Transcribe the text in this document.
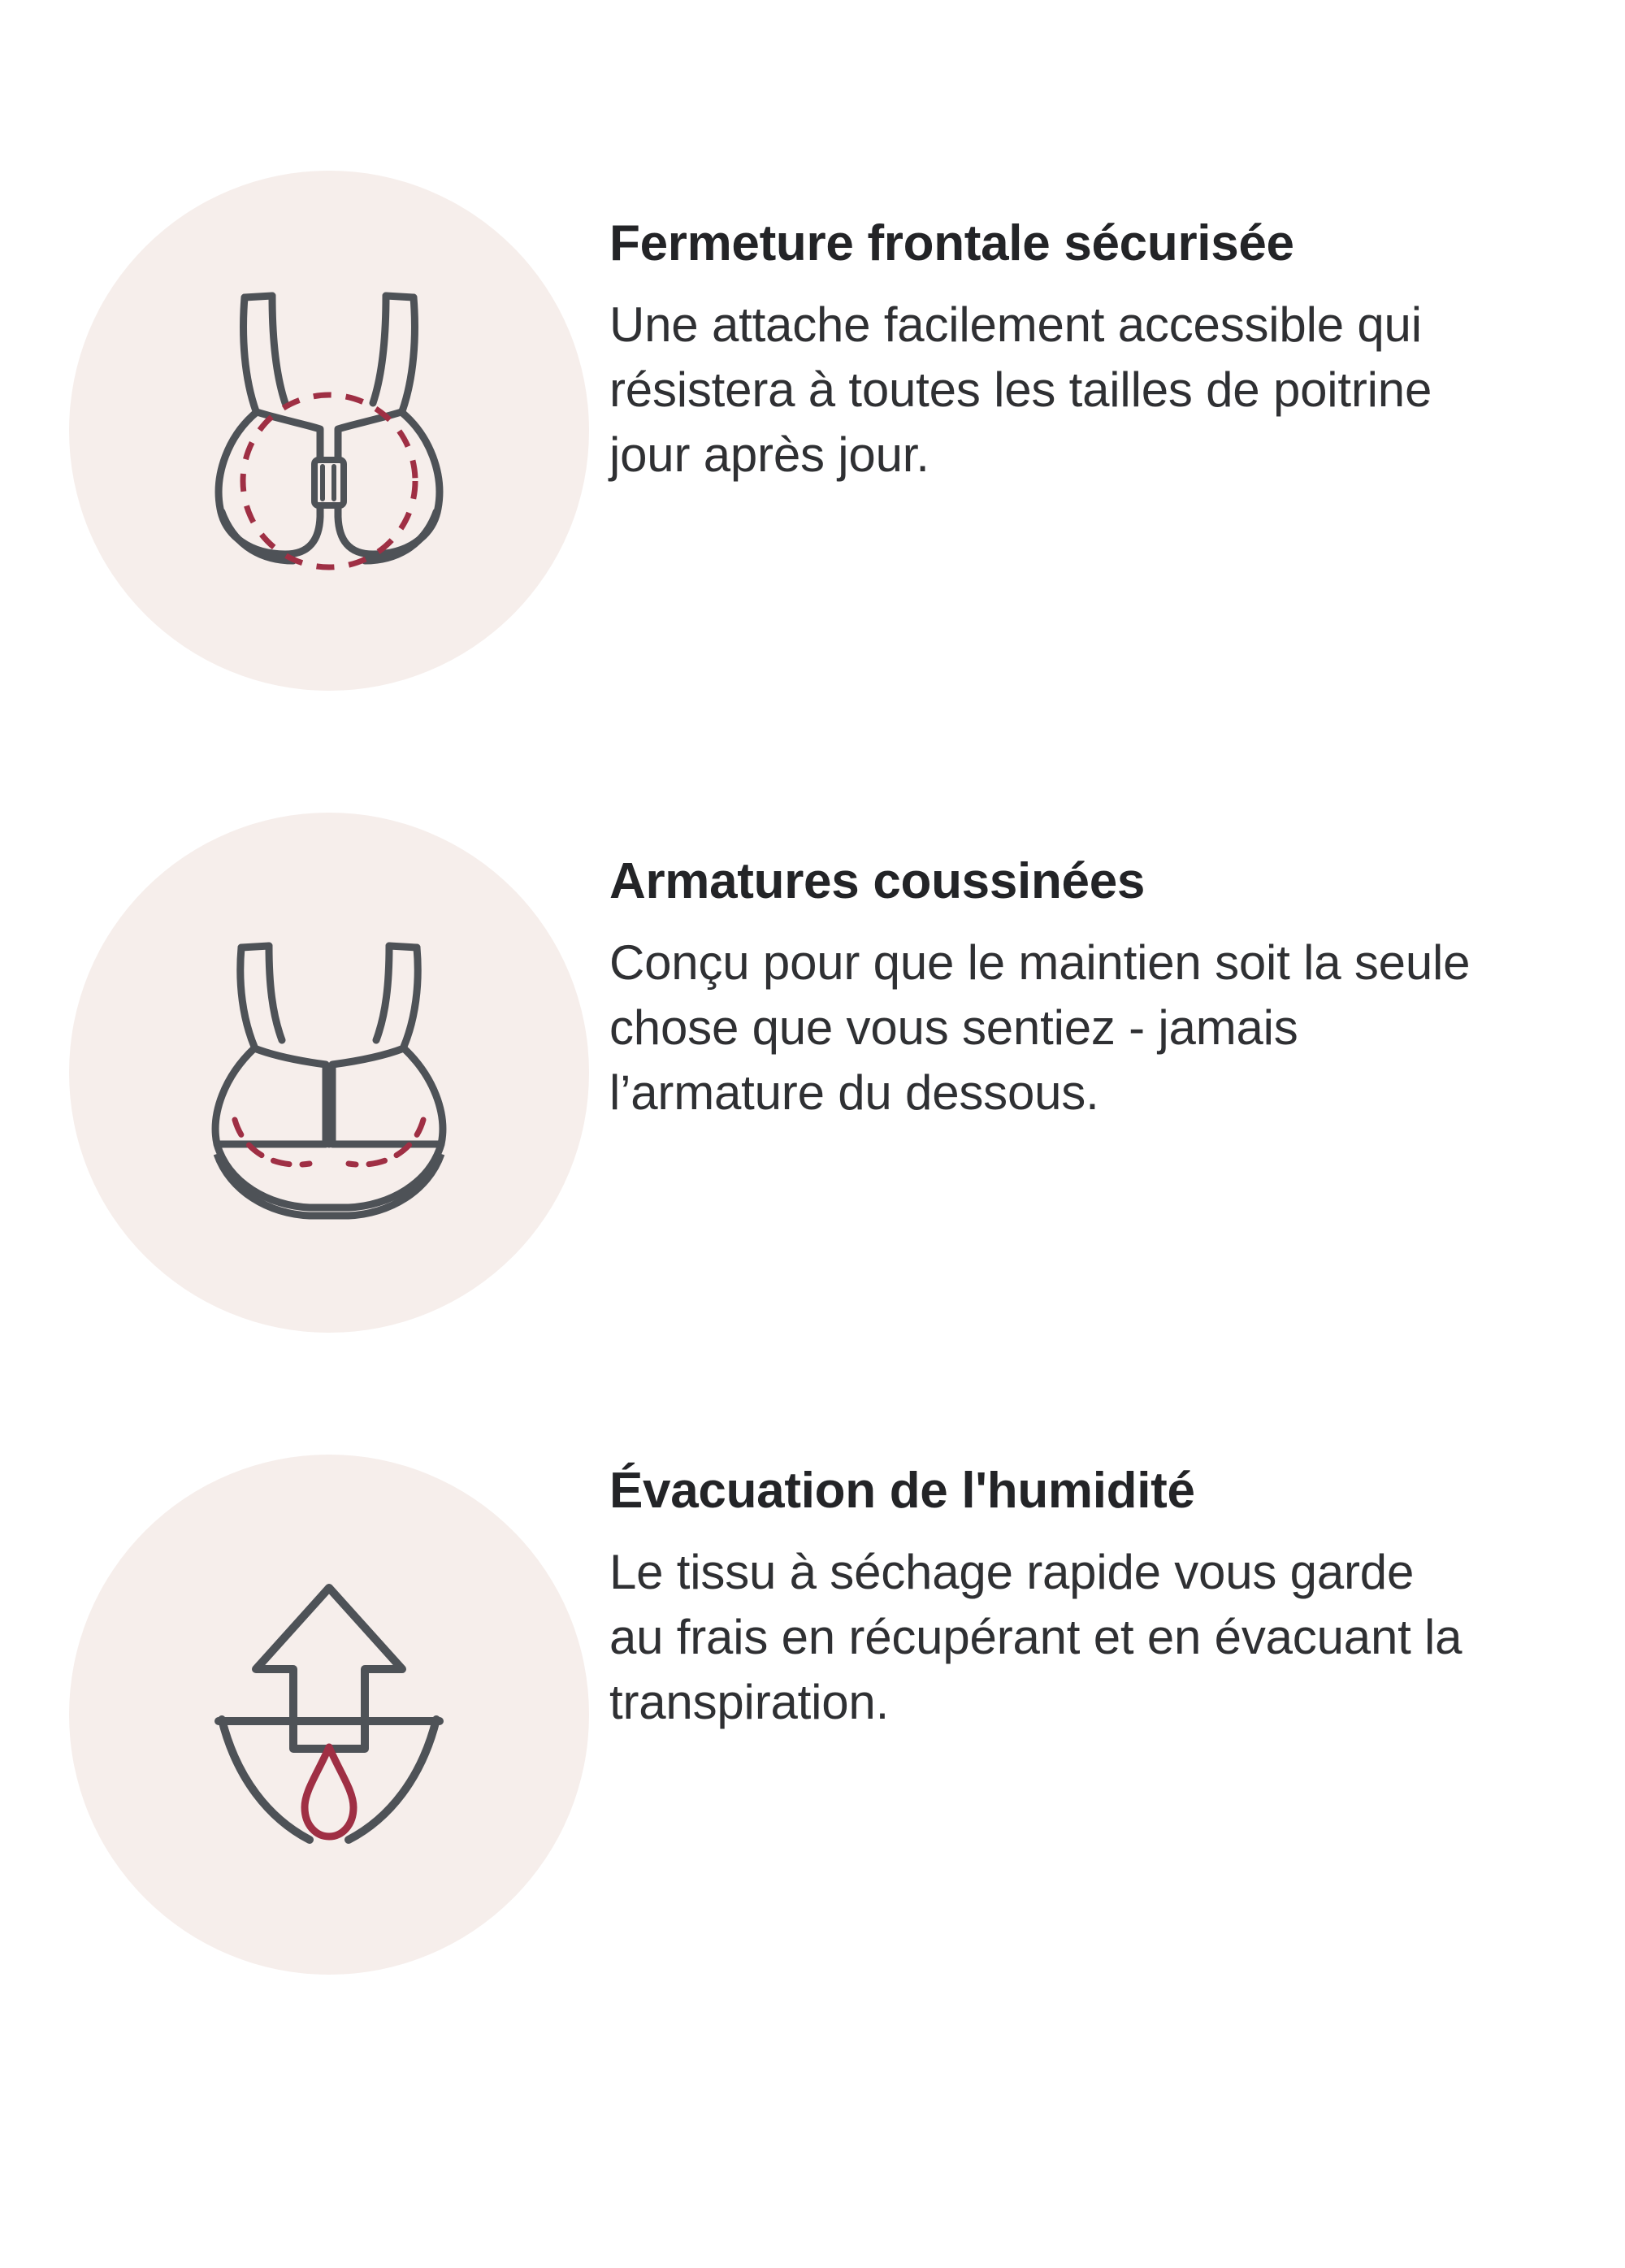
Fermeture frontale sécurisée

Une attache facilement accessible qui résistera à toutes les tailles de poitrine jour après jour.

Armatures coussinées

Conçu pour que le maintien soit la seule chose que vous sentiez - jamais l’armature du dessous.

Évacuation de l'humidité

Le tissu à séchage rapide vous garde au frais en récupérant et en évacuant la transpiration.
